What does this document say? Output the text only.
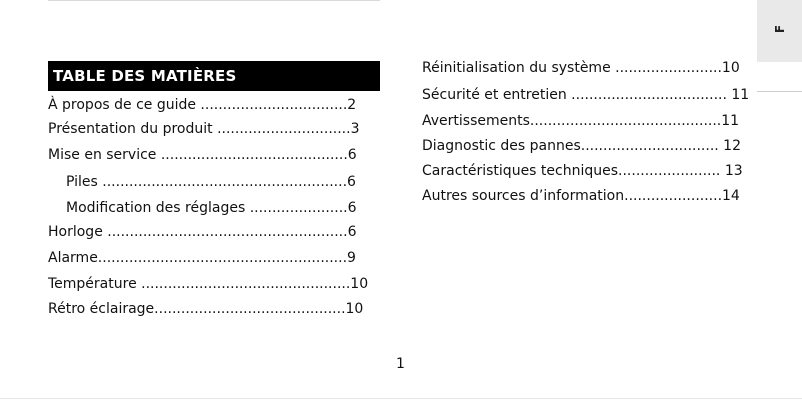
F
TABLE DES MATIÈRES
À propos de ce guide .................................2
Présentation du produit ..............................3
Mise en service ..........................................6
Piles .......................................................6
Modification des réglages ......................6
Horloge ......................................................6
Alarme........................................................9
Température ...............................................10
Rétro éclairage...........................................10
Réinitialisation du système ........................10
Sécurité et entretien ................................... 11
Avertissements...........................................11
Diagnostic des pannes............................... 12
Caractéristiques techniques....................... 13
Autres sources d’information......................14
1
